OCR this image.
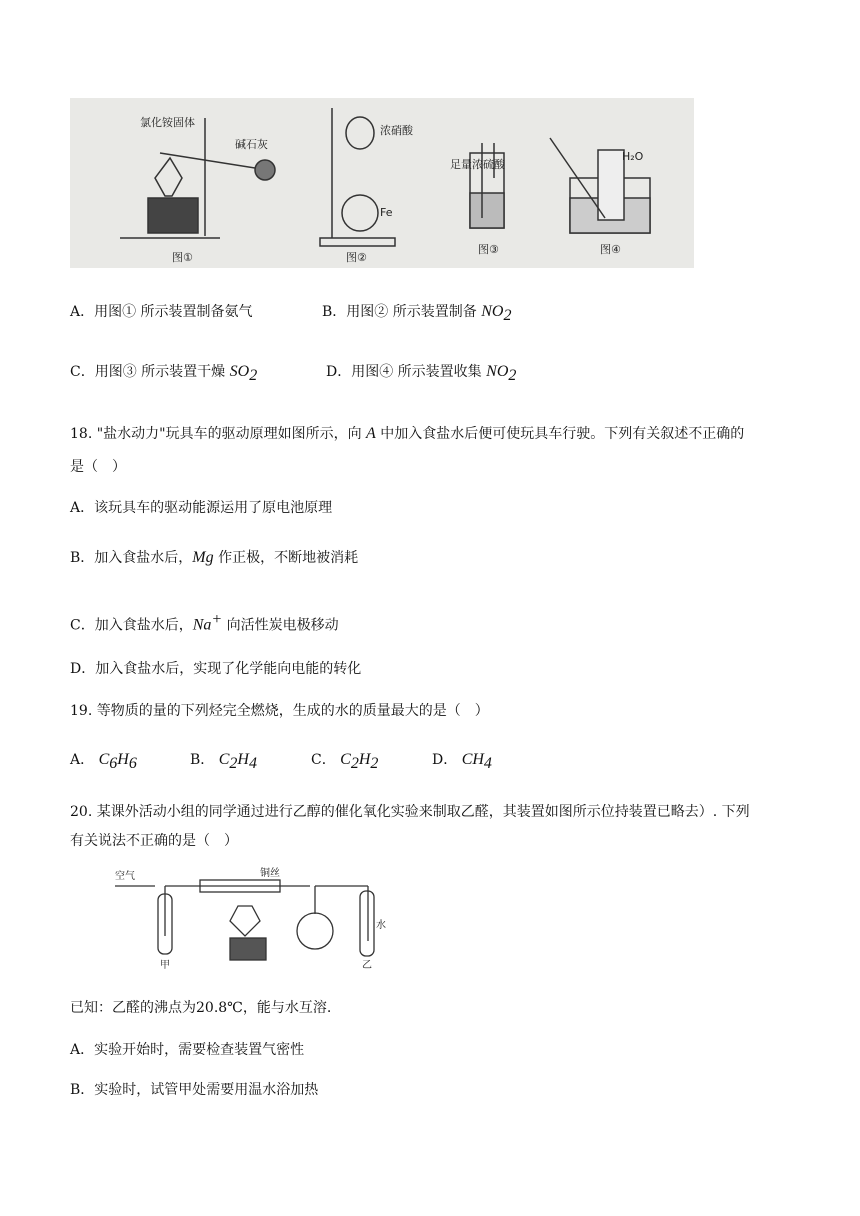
氯化铵固体
碱石灰
浓硝酸
Fe
足量浓硫酸
H₂O
图①	图②
图③	图④
A．用图① 所示装置制备氨气	B．用图② 所示装置制备 $NO_2$
C．用图③ 所示装置干燥 $SO_2$	D．用图④ 所示装置收集 $NO_2$
18. "盐水动力"玩具车的驱动原理如图所示，向 A 中加入食盐水后便可使玩具车行驶。下列有关叙述不正确的
是（　）
A．该玩具车的驱动能源运用了原电池原理
B．加入食盐水后，Mg 作正极，不断地被消耗
C．加入食盐水后，Na+ 向活性炭电极移动
D．加入食盐水后，实现了化学能向电能的转化
19. 等物质的量的下列烃完全燃烧，生成的水的质量最大的是（　）
A． $C_6H_6$	B． $C_2H_4$	C． $C_2H_2$	D． $CH_4$
20. 某课外活动小组的同学通过进行乙醇的催化氧化实验来制取乙醛，其装置如图所示位持装置已略去）. 下列
有关说法不正确的是（　）
空气	铜丝
水
甲	乙
已知：乙醛的沸点为20.8℃，能与水互溶.
A．实验开始时，需要检查装置气密性
B．实验时，试管甲处需要用温水浴加热
